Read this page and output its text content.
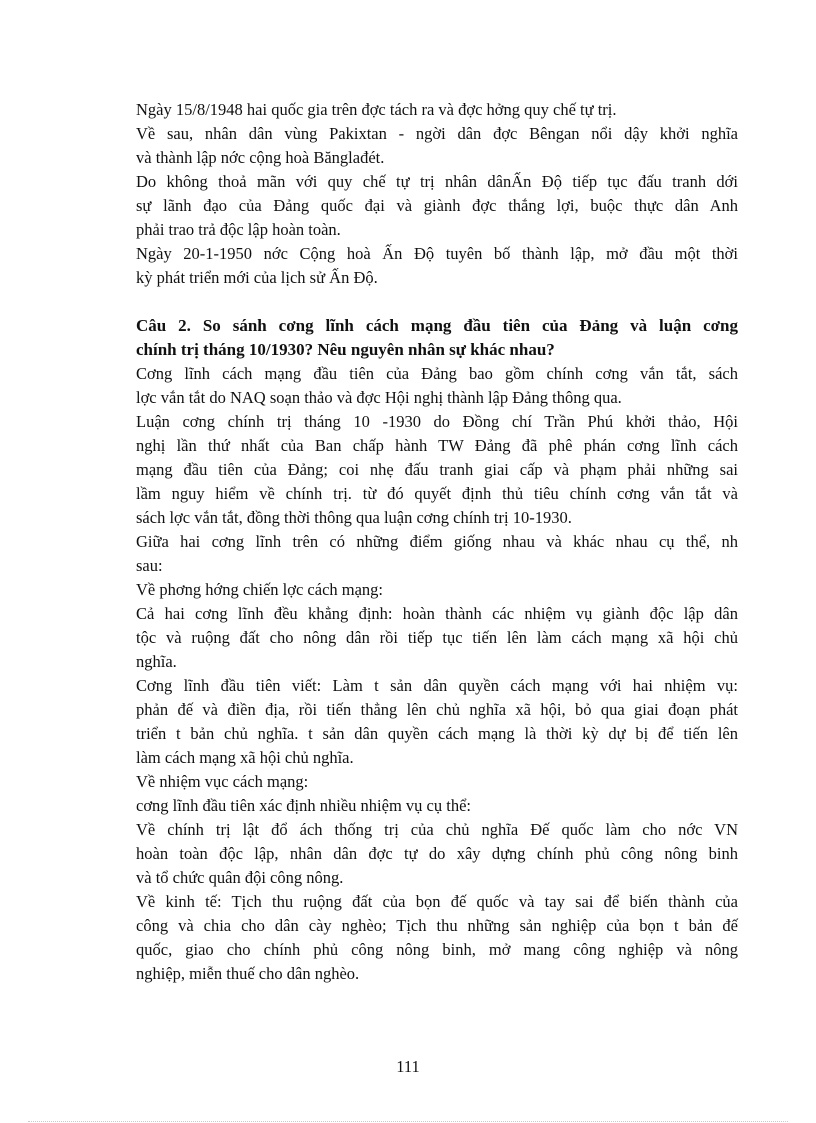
Ngày 15/8/1948 hai quốc gia trên đợc tách ra và đợc hởng quy chế tự trị.
Về sau, nhân dân vùng Pakixtan - ngời dân đợc Bêngan nổi dậy khởi nghĩa
và thành lập nớc cộng hoà Bănglađét.
Do không thoả mãn với quy chế tự trị nhân dânẤn Độ tiếp tục đấu tranh dới
sự lãnh đạo của Đảng quốc đại và giành đợc thắng lợi, buộc thực dân Anh
phải trao trả độc lập hoàn toàn.
Ngày 20-1-1950 nớc Cộng hoà Ấn Độ tuyên bố thành lập, mở đầu một thời
kỳ phát triển mới của lịch sử Ấn Độ.
Câu 2. So sánh cơng lĩnh cách mạng đầu tiên của Đảng và luận cơng
chính trị tháng 10/1930? Nêu nguyên nhân sự khác nhau?
Cơng lĩnh cách mạng đầu tiên của Đảng bao gồm chính cơng vắn tắt, sách
lợc vắn tắt do NAQ soạn thảo và đợc Hội nghị thành lập Đảng thông qua.
Luận cơng chính trị tháng 10 -1930 do Đồng chí Trần Phú khởi thảo, Hội
nghị lần thứ nhất của Ban chấp hành TW Đảng đã phê phán cơng lĩnh cách
mạng đầu tiên của Đảng; coi nhẹ đấu tranh giai cấp và phạm phải những sai
lầm nguy hiểm về chính trị. từ đó quyết định thủ tiêu chính cơng vắn tắt và
sách lợc vắn tắt, đồng thời thông qua luận cơng chính trị 10-1930.
Giữa hai cơng lĩnh trên có những điểm giống nhau và khác nhau cụ thể, nh
sau:
Về phơng hớng chiến lợc cách mạng:
Cả hai cơng lĩnh đều khẳng định: hoàn thành các nhiệm vụ giành độc lập dân
tộc và ruộng đất cho nông dân rồi tiếp tục tiến lên làm cách mạng xã hội chủ
nghĩa.
Cơng lĩnh đầu tiên viết: Làm t sản dân quyền cách mạng với hai nhiệm vụ:
phản đế và điền địa, rồi tiến thẳng lên chủ nghĩa xã hội, bỏ qua giai đoạn phát
triển t bản chủ nghĩa. t sản dân quyền cách mạng là thời kỳ dự bị để tiến lên
làm cách mạng xã hội chủ nghĩa.
Về nhiệm vục cách mạng:
cơng lĩnh đầu tiên xác định nhiều nhiệm vụ cụ thể:
Về chính trị lật đổ ách thống trị của chủ nghĩa Đế quốc làm cho nớc VN
hoàn toàn độc lập, nhân dân đợc tự do xây dựng chính phủ công nông binh
và tổ chức quân đội công nông.
Về kinh tế: Tịch thu ruộng đất của bọn đế quốc và tay sai để biến thành của
công và chia cho dân cày nghèo; Tịch thu những sản nghiệp của bọn t bản đế
quốc, giao cho chính phủ công nông binh, mở mang công nghiệp và nông
nghiệp, miễn thuế cho dân nghèo.
111
